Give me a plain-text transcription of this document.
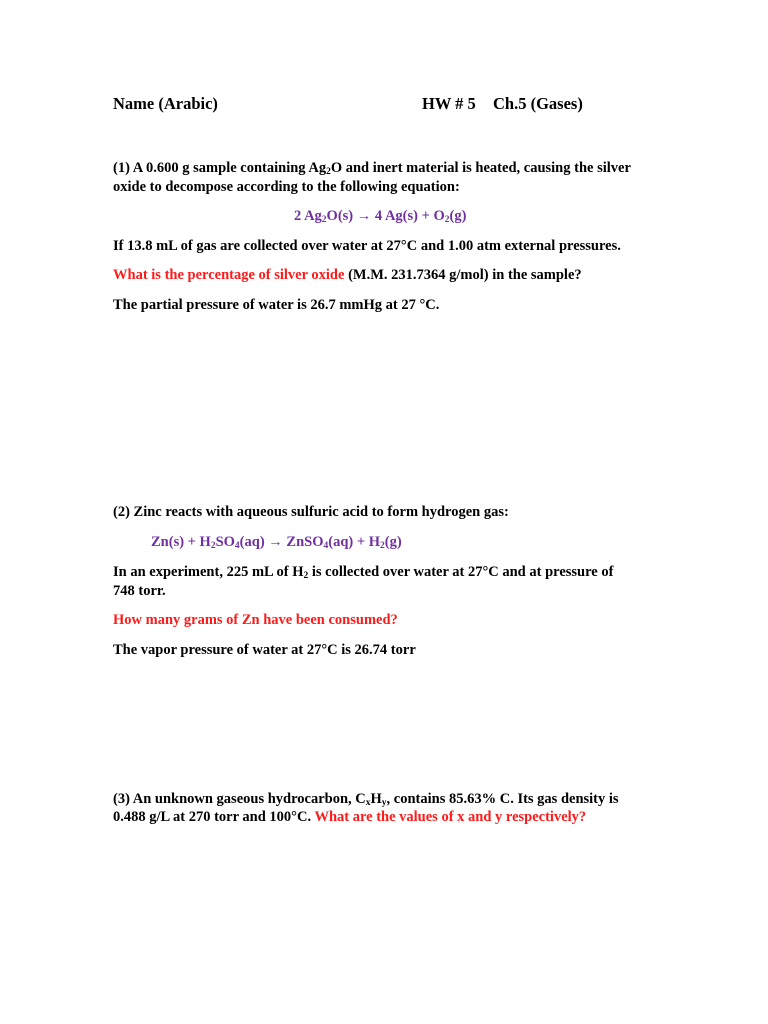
Name (Arabic)	HW # 5 Ch.5 (Gases)
(1) A 0.600 g sample containing $Ag_2O$ and inert material is heated, causing the silver
oxide to decompose according to the following equation:
2 $Ag_2O(s) \to 4$ $Ag(s) + O_2(g)$
If 13.8 mL of gas are collected over water at 27°C and 1.00 atm external pressures.
What is the percentage of silver oxide (M.M. 231.7364 g/mol) in the sample?
The partial pressure of water is 26.7 mmHg at 27 °C.
(2) Zinc reacts with aqueous sulfuric acid to form hydrogen gas:
$Zn(s) + H_2SO_4(aq)$ → ZnSO$_4$(aq) + $H_2(g)$
In an experiment, 225 mL of $H_2$ is collected over water at 27°C and at pressure of
748 torr.
How many grams of Zn have been consumed?
The vapor pressure of water at 27°C is 26.74 torr
(3) An unknown gaseous hydrocarbon, $C_xH_y$, contains 85.63% C. Its gas density is
0.488 g/L at 270 torr and 100°C. What are the values of x and y respectively?
